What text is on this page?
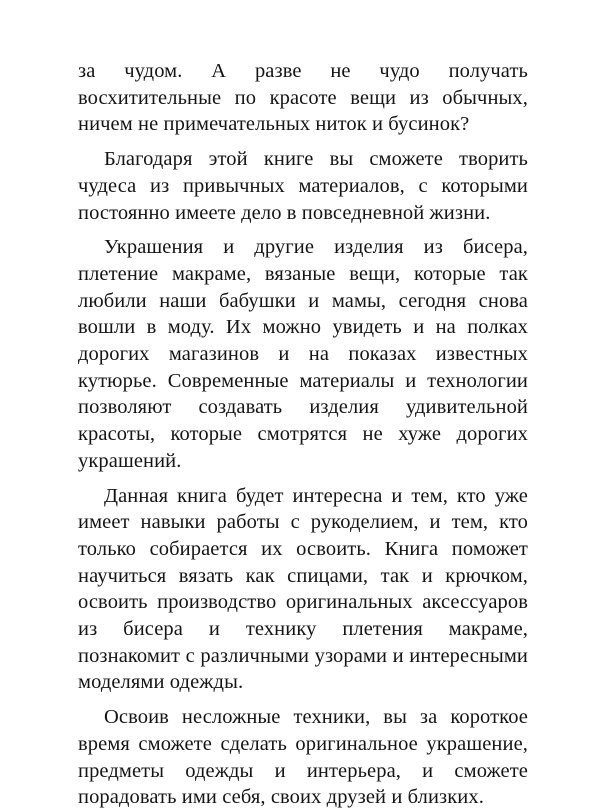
за чудом. А разве не чудо получать восхитительные по красоте вещи из обычных, ничем не примечательных ниток и бусинок?

Благодаря этой книге вы сможете творить чудеса из привычных материалов, с которыми постоянно имеете дело в повседневной жизни.

Украшения и другие изделия из бисера, плетение макраме, вязаные вещи, которые так любили наши бабушки и мамы, сегодня снова вошли в моду. Их можно увидеть и на полках дорогих магазинов и на показах известных кутюрье. Современные материалы и технологии позволяют создавать изделия удивительной красоты, которые смотрятся не хуже дорогих украшений.

Данная книга будет интересна и тем, кто уже имеет навыки работы с рукоделием, и тем, кто только собирается их освоить. Книга поможет научиться вязать как спицами, так и крючком, освоить производство оригинальных аксессуаров из бисера и технику плетения макраме, познакомит с различными узорами и интересными моделями одежды.

Освоив несложные техники, вы за короткое время сможете сделать оригинальное украшение, предметы одежды и интерьера, и сможете порадовать ими себя, своих друзей и близких.
